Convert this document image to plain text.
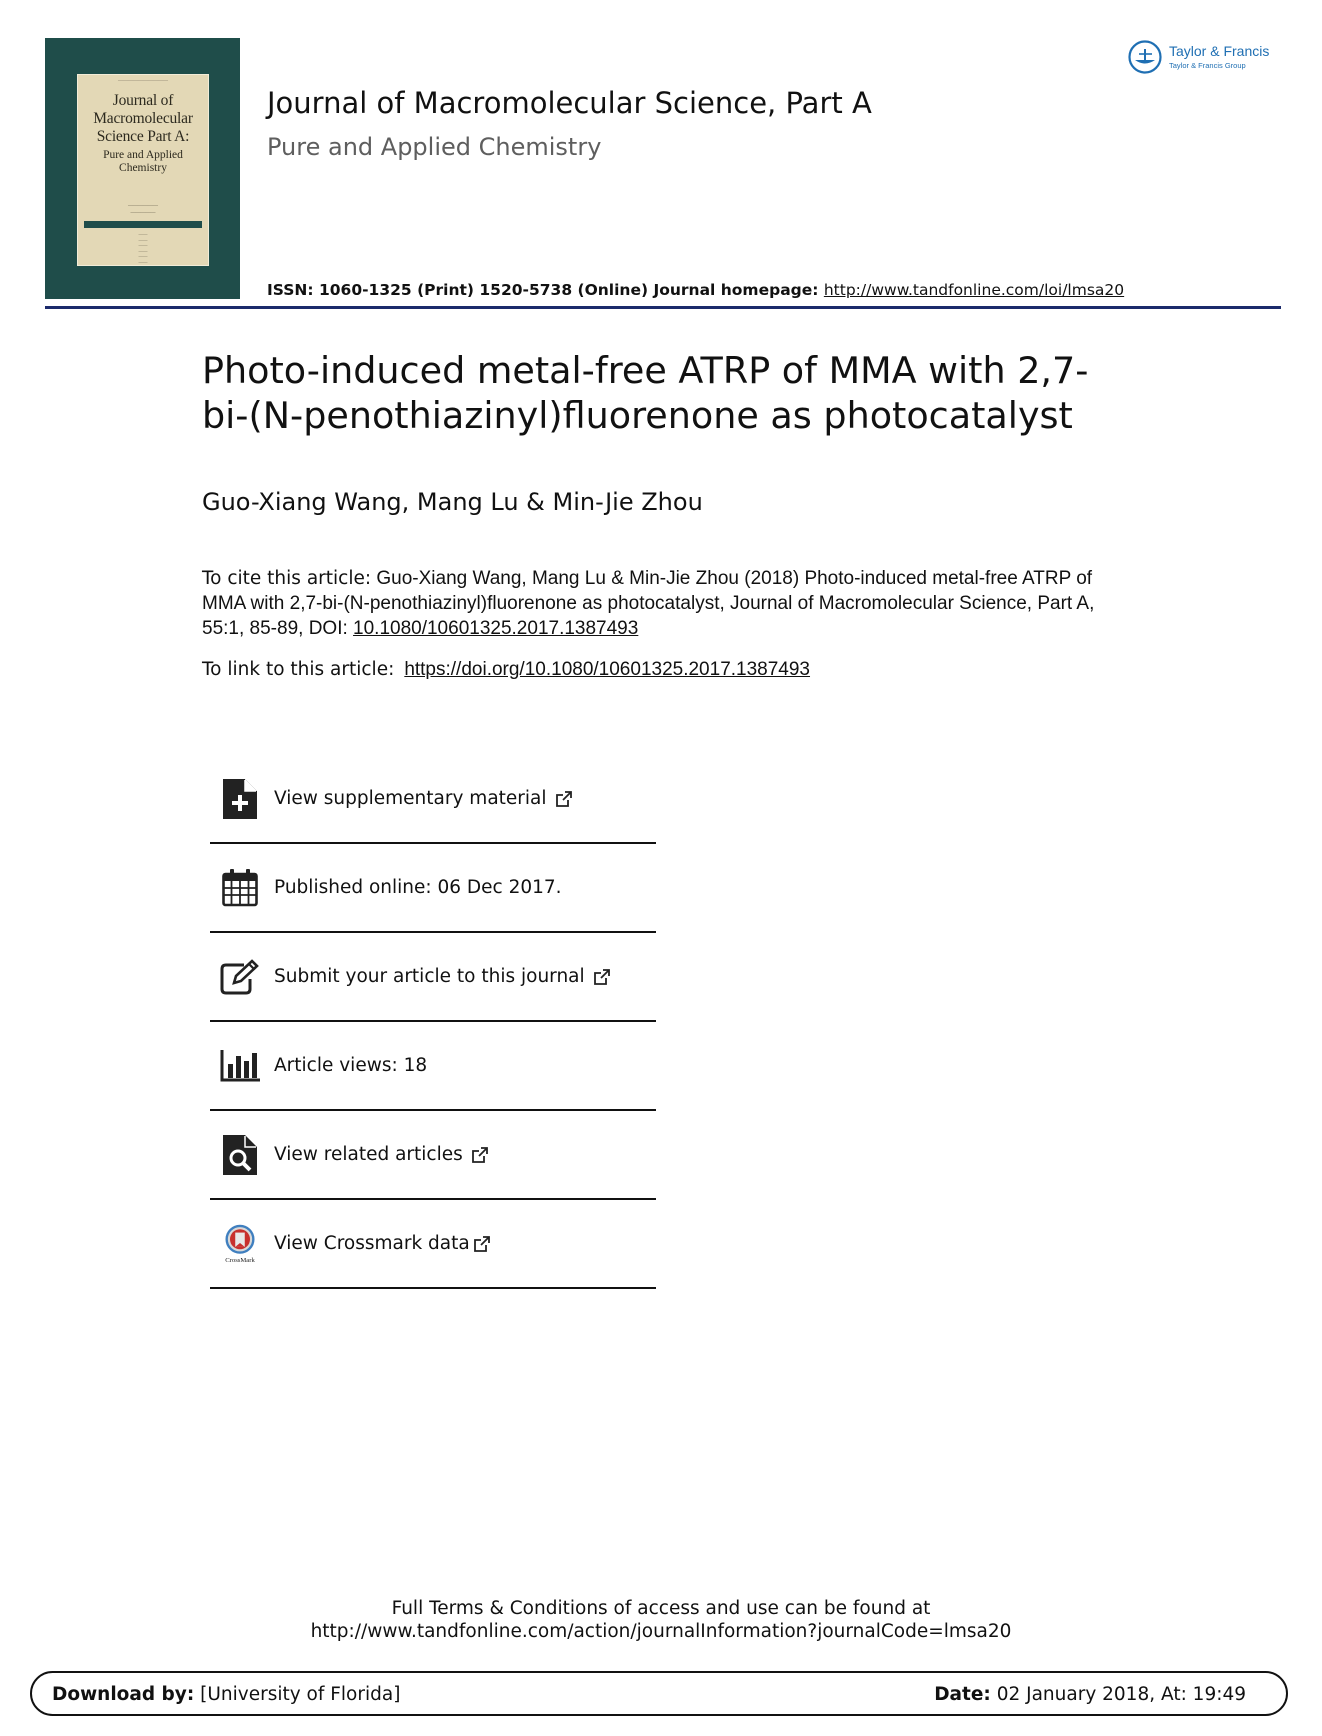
——————————
Journal of Macromolecular Science Part A:
Pure and Applied Chemistry
——————
—————
——
——
——
——
——
——
Journal of Macromolecular Science, Part A
Pure and Applied Chemistry
ISSN: 1060-1325 (Print) 1520-5738 (Online) Journal homepage: http://www.tandfonline.com/loi/lmsa20
Taylor & Francis
Taylor & Francis Group
Photo-induced metal-free ATRP of MMA with 2,7-bi-(N-penothiazinyl)fluorenone as photocatalyst
Guo-Xiang Wang, Mang Lu & Min-Jie Zhou
To cite this article: Guo-Xiang Wang, Mang Lu & Min-Jie Zhou (2018) Photo-induced metal-free ATRP of MMA with 2,7-bi-(N-penothiazinyl)fluorenone as photocatalyst, Journal of Macromolecular Science, Part A, 55:1, 85-89, DOI: 10.1080/10601325.2017.1387493
To link to this article: https://doi.org/10.1080/10601325.2017.1387493
View supplementary material
Published online: 06 Dec 2017.
Submit your article to this journal
Article views: 18
View related articles
CrossMark
View Crossmark data
Full Terms & Conditions of access and use can be found at
http://www.tandfonline.com/action/journalInformation?journalCode=lmsa20
Download by: [University of Florida]	Date: 02 January 2018, At: 19:49
